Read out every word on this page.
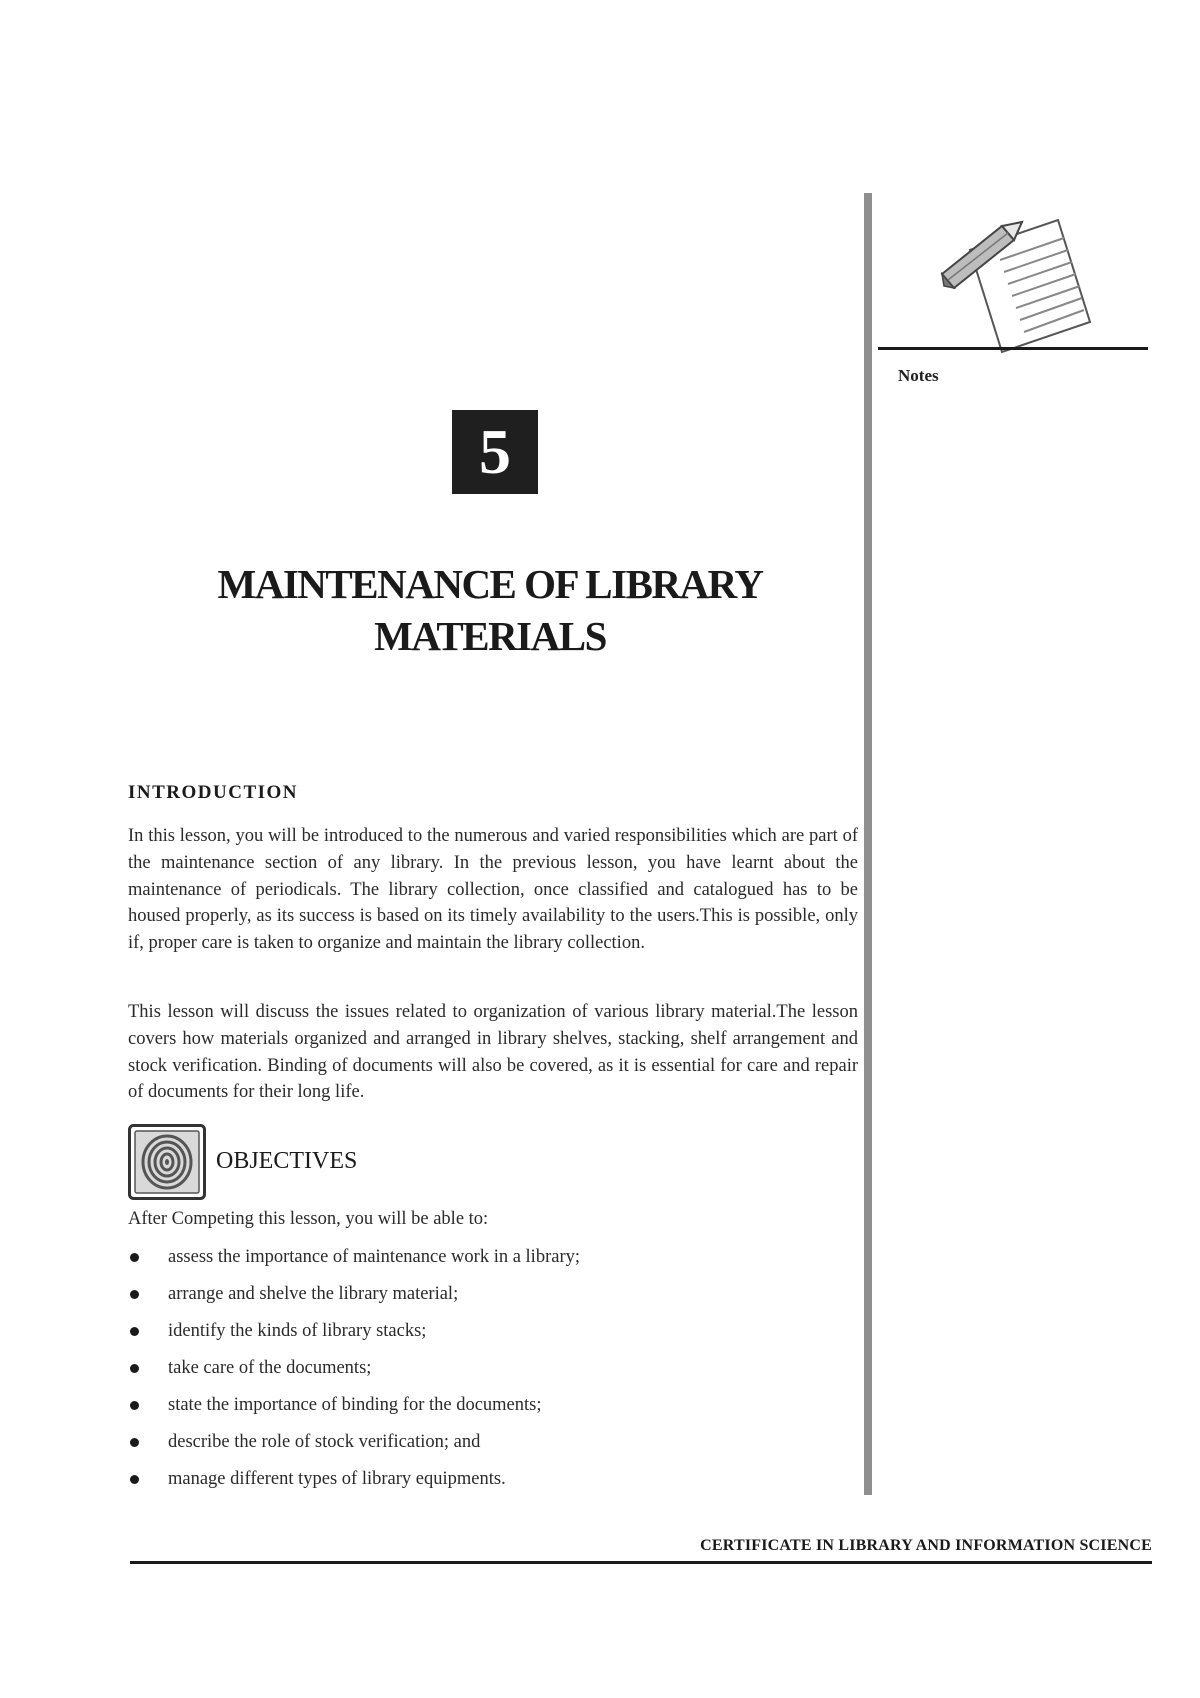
Notes
5
MAINTENANCE OF LIBRARY
MATERIALS
INTRODUCTION

In this lesson, you will be introduced to the numerous and varied responsibilities which are part of the maintenance section of any library. In the previous lesson, you have learnt about the maintenance of periodicals. The library collection, once classified and catalogued has to be housed properly, as its success is based on its timely availability to the users.This is possible, only if, proper care is taken to organize and maintain the library collection.

This lesson will discuss the issues related to organization of various library material.The lesson covers how materials organized and arranged in library shelves, stacking, shelf arrangement and stock verification. Binding of documents will also be covered, as it is essential for care and repair of documents for their long life.

OBJECTIVES

After Competing this lesson, you will be able to:

assess the importance of maintenance work in a library;
arrange and shelve the library material;
identify the kinds of library stacks;
take care of the documents;
state the importance of binding for the documents;
describe the role of stock verification; and
manage different types of library equipments.

CERTIFICATE IN LIBRARY AND INFORMATION SCIENCE
